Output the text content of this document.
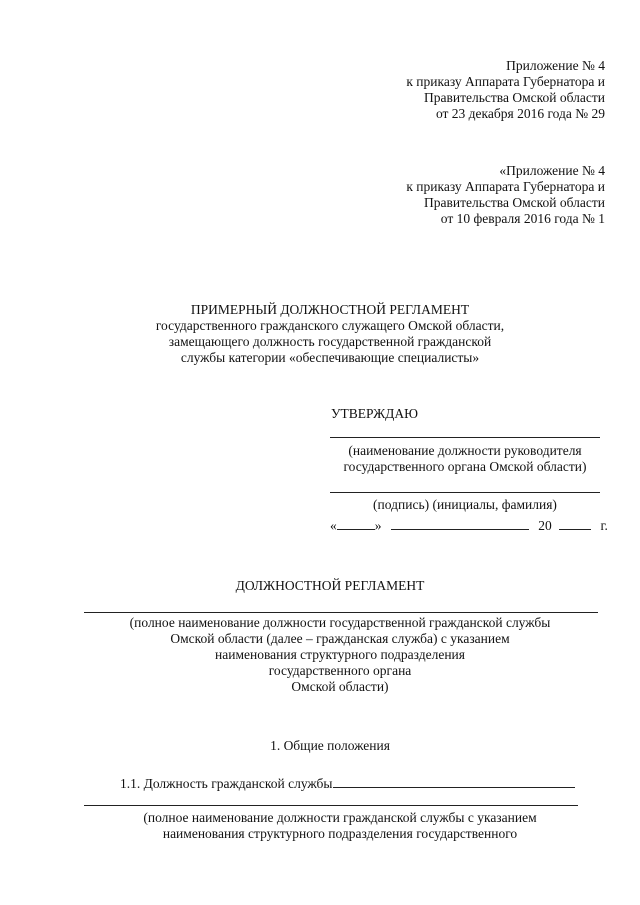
Приложение № 4
к приказу Аппарата Губернатора и
Правительства Омской области
от 23 декабря 2016 года № 29
«Приложение № 4
к приказу Аппарата Губернатора и
Правительства Омской области
от 10 февраля 2016 года № 1
ПРИМЕРНЫЙ ДОЛЖНОСТНОЙ РЕГЛАМЕНТ
государственного гражданского служащего Омской области,
замещающего должность государственной гражданской
службы категории «обеспечивающие специалисты»
УТВЕРЖДАЮ
(наименование должности руководителя
государственного органа Омской области)
(подпись) (инициалы, фамилия)
«	»	20	г.
ДОЛЖНОСТНОЙ РЕГЛАМЕНТ
(полное наименование должности государственной гражданской службы
Омской области (далее – гражданская служба) с указанием
наименования структурного подразделения
государственного органа
Омской области)
1. Общие положения
1.1. Должность гражданской службы
(полное наименование должности гражданской службы с указанием
наименования структурного подразделения государственного
